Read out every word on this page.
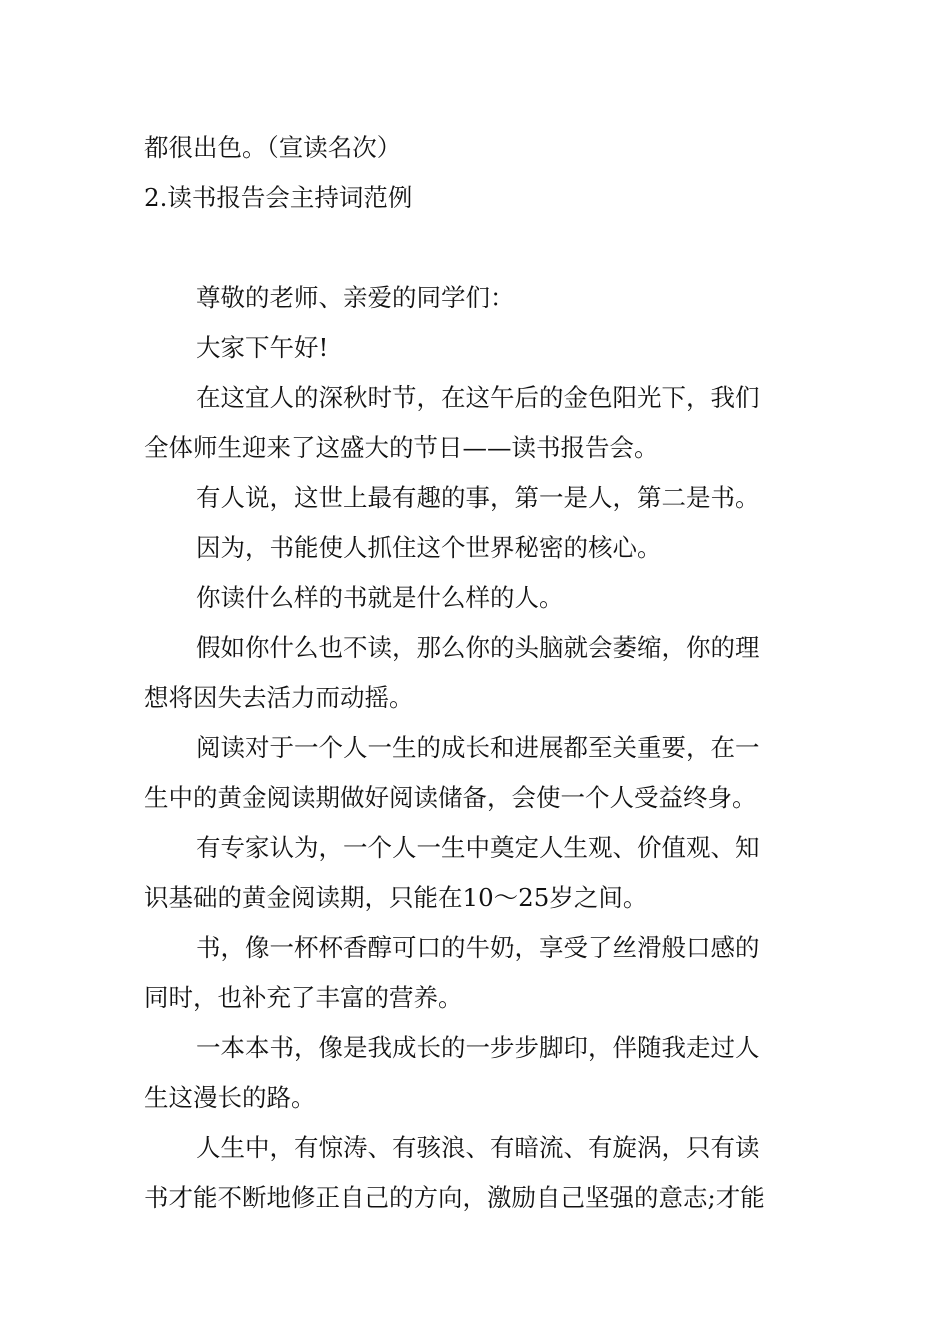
都很出色。（宣读名次）
2.读书报告会主持词范例
尊敬的老师、亲爱的同学们：
大家下午好!
在这宜人的深秋时节，在这午后的金色阳光下，我们
全体师生迎来了这盛大的节日——读书报告会。
有人说，这世上最有趣的事，第一是人，第二是书。
因为，书能使人抓住这个世界秘密的核心。
你读什么样的书就是什么样的人。
假如你什么也不读，那么你的头脑就会萎缩，你的理
想将因失去活力而动摇。
阅读对于一个人一生的成长和进展都至关重要，在一
生中的黄金阅读期做好阅读储备，会使一个人受益终身。
有专家认为，一个人一生中奠定人生观、价值观、知
识基础的黄金阅读期，只能在10～25岁之间。
书，像一杯杯香醇可口的牛奶，享受了丝滑般口感的
同时，也补充了丰富的营养。
一本本书，像是我成长的一步步脚印，伴随我走过人
生这漫长的路。
人生中，有惊涛、有骇浪、有暗流、有旋涡，只有读
书才能不断地修正自己的方向，激励自己坚强的意志;才能
